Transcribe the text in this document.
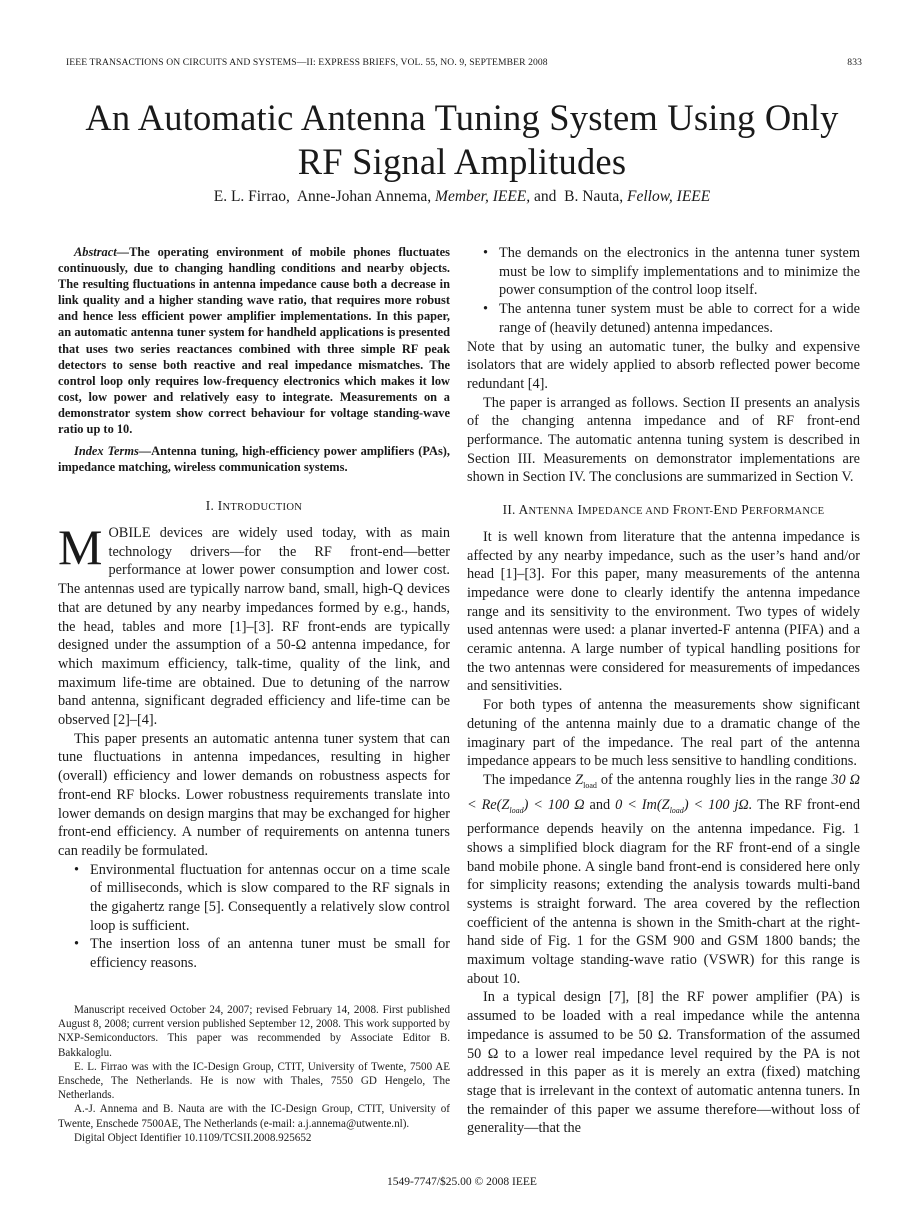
IEEE TRANSACTIONS ON CIRCUITS AND SYSTEMS—II: EXPRESS BRIEFS, VOL. 55, NO. 9, SEPTEMBER 2008	833
An Automatic Antenna Tuning System Using Only
RF Signal Amplitudes
E. L. Firrao, Anne-Johan Annema, Member, IEEE, and B. Nauta, Fellow, IEEE

Abstract—The operating environment of mobile phones fluctuates continuously, due to changing handling conditions and nearby objects. The resulting fluctuations in antenna impedance cause both a decrease in link quality and a higher standing wave ratio, that requires more robust and hence less efficient power amplifier implementations. In this paper, an automatic antenna tuner system for handheld applications is presented that uses two series reactances combined with three simple RF peak detectors to sense both reactive and real impedance mismatches. The control loop only requires low-frequency electronics which makes it low cost, low power and relatively easy to integrate. Measurements on a demonstrator system show correct behaviour for voltage standing-wave ratio up to 10.

Index Terms—Antenna tuning, high-efficiency power amplifiers (PAs), impedance matching, wireless communication systems.

I. INTRODUCTION

MOBILE devices are widely used today, with as main technology drivers—for the RF front-end—better performance at lower power consumption and lower cost. The antennas used are typically narrow band, small, high-Q devices that are detuned by any nearby impedances formed by e.g., hands, the head, tables and more [1]–[3]. RF front-ends are typically designed under the assumption of a 50-Ω antenna impedance, for which maximum efficiency, talk-time, quality of the link, and maximum life-time are obtained. Due to detuning of the narrow band antenna, significant degraded efficiency and life-time can be observed [2]–[4].

This paper presents an automatic antenna tuner system that can tune fluctuations in antenna impedances, resulting in higher (overall) efficiency and lower demands on robustness aspects for front-end RF blocks. Lower robustness requirements translate into lower demands on design margins that may be exchanged for higher front-end efficiency. A number of requirements on antenna tuners can readily be formulated.

• Environmental fluctuation for antennas occur on a time scale of milliseconds, which is slow compared to the RF signals in the gigahertz range [5]. Consequently a relatively slow control loop is sufficient.
• The insertion loss of an antenna tuner must be small for efficiency reasons.

Manuscript received October 24, 2007; revised February 14, 2008. First published August 8, 2008; current version published September 12, 2008. This work supported by NXP-Semiconductors. This paper was recommended by Associate Editor B. Bakkaloglu.

E. L. Firrao was with the IC-Design Group, CTIT, University of Twente, 7500 AE Enschede, The Netherlands. He is now with Thales, 7550 GD Hengelo, The Netherlands.

A.-J. Annema and B. Nauta are with the IC-Design Group, CTIT, University of Twente, Enschede 7500AE, The Netherlands (e-mail: a.j.annema@utwente.nl).

Digital Object Identifier 10.1109/TCSII.2008.925652

• The demands on the electronics in the antenna tuner system must be low to simplify implementations and to minimize the power consumption of the control loop itself.
• The antenna tuner system must be able to correct for a wide range of (heavily detuned) antenna impedances.

Note that by using an automatic tuner, the bulky and expensive isolators that are widely applied to absorb reflected power become redundant [4].

The paper is arranged as follows. Section II presents an analysis of the changing antenna impedance and of RF front-end performance. The automatic antenna tuning system is described in Section III. Measurements on demonstrator implementations are shown in Section IV. The conclusions are summarized in Section V.

II. ANTENNA IMPEDANCE AND FRONT-END PERFORMANCE

It is well known from literature that the antenna impedance is affected by any nearby impedance, such as the user’s hand and/or head [1]–[3]. For this paper, many measurements of the antenna impedance were done to clearly identify the antenna impedance range and its sensitivity to the environment. Two types of widely used antennas were used: a planar inverted-F antenna (PIFA) and a ceramic antenna. A large number of typical handling positions for the two antennas were considered for measurements of impedances and sensitivities.

For both types of antenna the measurements show significant detuning of the antenna mainly due to a dramatic change of the imaginary part of the impedance. The real part of the antenna impedance appears to be much less sensitive to handling conditions.

The impedance $Z_{load}$ of the antenna roughly lies in the range 30 $\Omega < Re(Z_{load}) < 100$ Ω and $0 < Im(Z_{load}) < 100$ jΩ. The RF front-end performance depends heavily on the antenna impedance. Fig. 1 shows a simplified block diagram for the RF front-end of a single band mobile phone. A single band front-end is considered here only for simplicity reasons; extending the analysis towards multi-band systems is straight forward. The area covered by the reflection coefficient of the antenna is shown in the Smith-chart at the right-hand side of Fig. 1 for the GSM 900 and GSM 1800 bands; the maximum voltage standing-wave ratio (VSWR) for this range is about 10.

In a typical design [7], [8] the RF power amplifier (PA) is assumed to be loaded with a real impedance while the antenna impedance is assumed to be 50 Ω. Transformation of the assumed 50 Ω to a lower real impedance level required by the PA is not addressed in this paper as it is merely an extra (fixed) matching stage that is irrelevant in the context of automatic antenna tuners. In the remainder of this paper we assume therefore—without loss of generality—that the

1549-7747/$25.00 © 2008 IEEE
